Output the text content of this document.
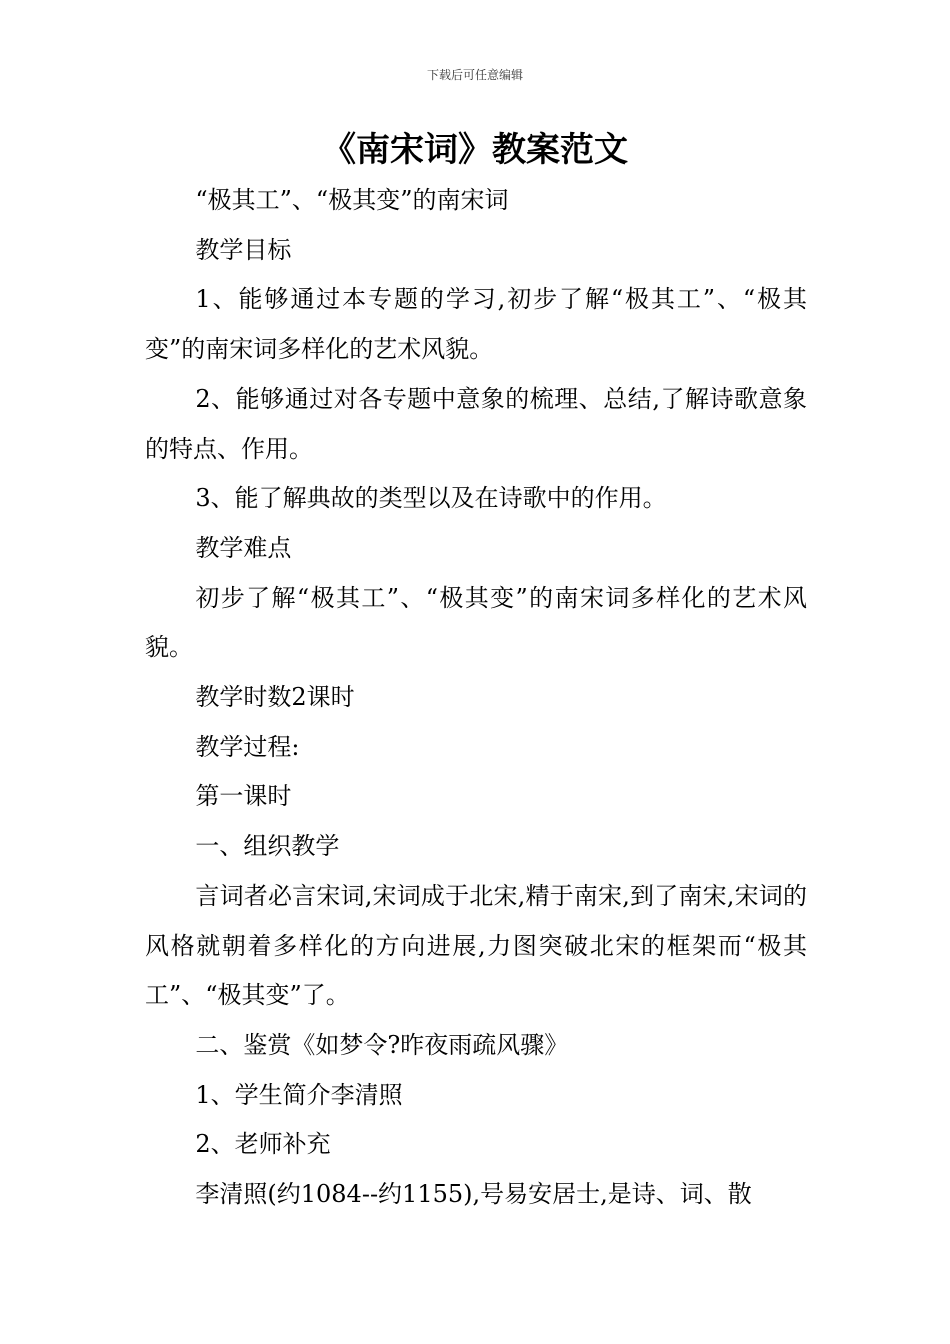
下载后可任意编辑
《南宋词》教案范文

“极其工”、“极其变”的南宋词

教学目标

1、能够通过本专题的学习,初步了解“极其工”、“极其变”的南宋词多样化的艺术风貌。

2、能够通过对各专题中意象的梳理、总结,了解诗歌意象的特点、作用。

3、能了解典故的类型以及在诗歌中的作用。

教学难点

初步了解“极其工”、“极其变”的南宋词多样化的艺术风貌。

教学时数2课时

教学过程:

第一课时

一、组织教学

言词者必言宋词,宋词成于北宋,精于南宋,到了南宋,宋词的风格就朝着多样化的方向进展,力图突破北宋的框架而“极其工”、“极其变”了。

二、鉴赏《如梦令?昨夜雨疏风骤》

1、学生简介李清照

2、老师补充

李清照(约1084--约1155),号易安居士,是诗、词、散
